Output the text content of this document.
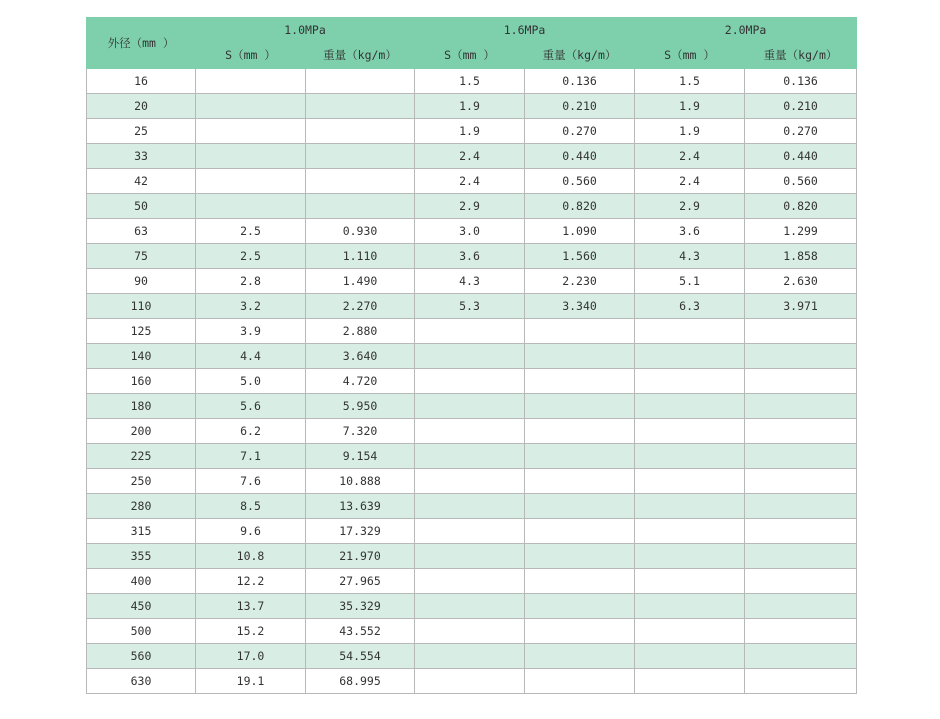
外径（mm ）	1.0MPa		1.6MPa		2.0MPa	
	S（mm ）	重量（kg/m）	S（mm ）	重量（kg/m）	S（mm ）	重量（kg/m）
16			1.5	0.136	1.5	0.136
20			1.9	0.210	1.9	0.210
25			1.9	0.270	1.9	0.270
33			2.4	0.440	2.4	0.440
42			2.4	0.560	2.4	0.560
50			2.9	0.820	2.9	0.820
63	2.5	0.930	3.0	1.090	3.6	1.299
75	2.5	1.110	3.6	1.560	4.3	1.858
90	2.8	1.490	4.3	2.230	5.1	2.630
110	3.2	2.270	5.3	3.340	6.3	3.971
125	3.9	2.880				
140	4.4	3.640				
160	5.0	4.720				
180	5.6	5.950				
200	6.2	7.320				
225	7.1	9.154				
250	7.6	10.888				
280	8.5	13.639				
315	9.6	17.329				
355	10.8	21.970				
400	12.2	27.965				
450	13.7	35.329				
500	15.2	43.552				
560	17.0	54.554				
630	19.1	68.995				
